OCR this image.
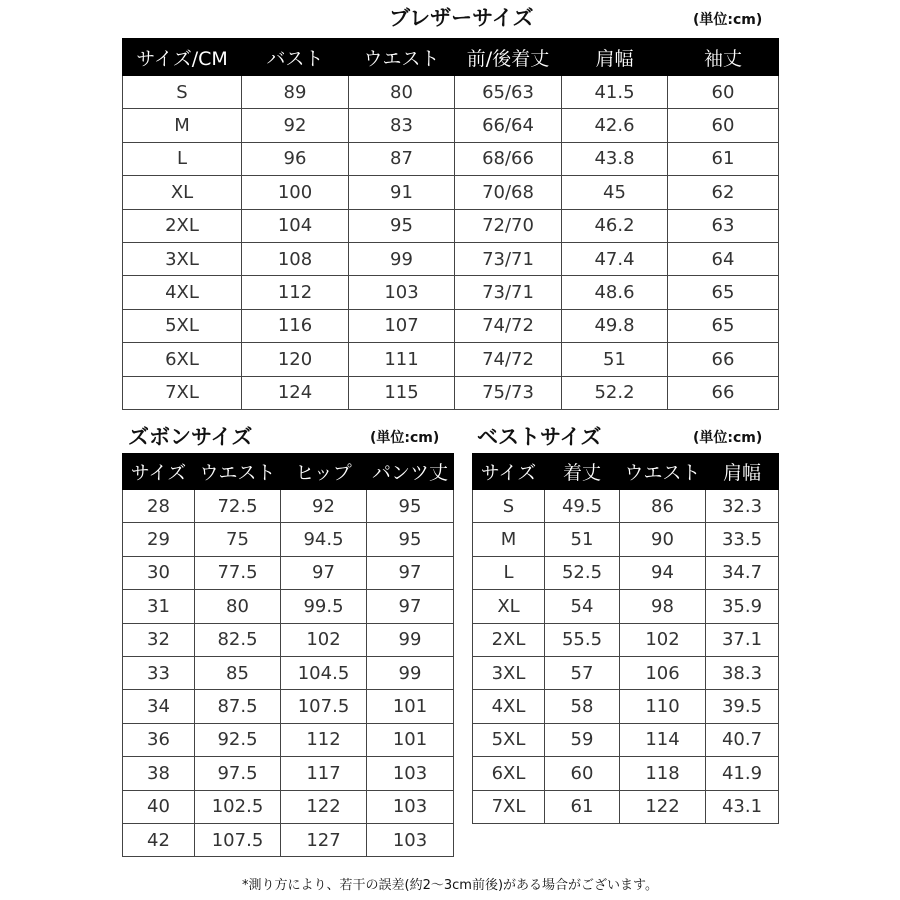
ブレザーサイズ	(単位:cm)
サイズ/CM	バスト	ウエスト	前/後着丈	肩幅	袖丈
S	89	80	65/63	41.5	60
M	92	83	66/64	42.6	60
L	96	87	68/66	43.8	61
XL	100	91	70/68	45	62
2XL	104	95	72/70	46.2	63
3XL	108	99	73/71	47.4	64
4XL	112	103	73/71	48.6	65
5XL	116	107	74/72	49.8	65
6XL	120	111	74/72	51	66
7XL	124	115	75/73	52.2	66
ズボンサイズ	(単位:cm)
サイズ	ウエスト	ヒップ	パンツ丈
28	72.5	92	95
29	75	94.5	95
30	77.5	97	97
31	80	99.5	97
32	82.5	102	99
33	85	104.5	99
34	87.5	107.5	101
36	92.5	112	101
38	97.5	117	103
40	102.5	122	103
42	107.5	127	103
ベストサイズ	(単位:cm)
サイズ	着丈	ウエスト	肩幅
S	49.5	86	32.3
M	51	90	33.5
L	52.5	94	34.7
XL	54	98	35.9
2XL	55.5	102	37.1
3XL	57	106	38.3
4XL	58	110	39.5
5XL	59	114	40.7
6XL	60	118	41.9
7XL	61	122	43.1
*測り方により、若干の誤差(約2〜3cm前後)がある場合がございます。
